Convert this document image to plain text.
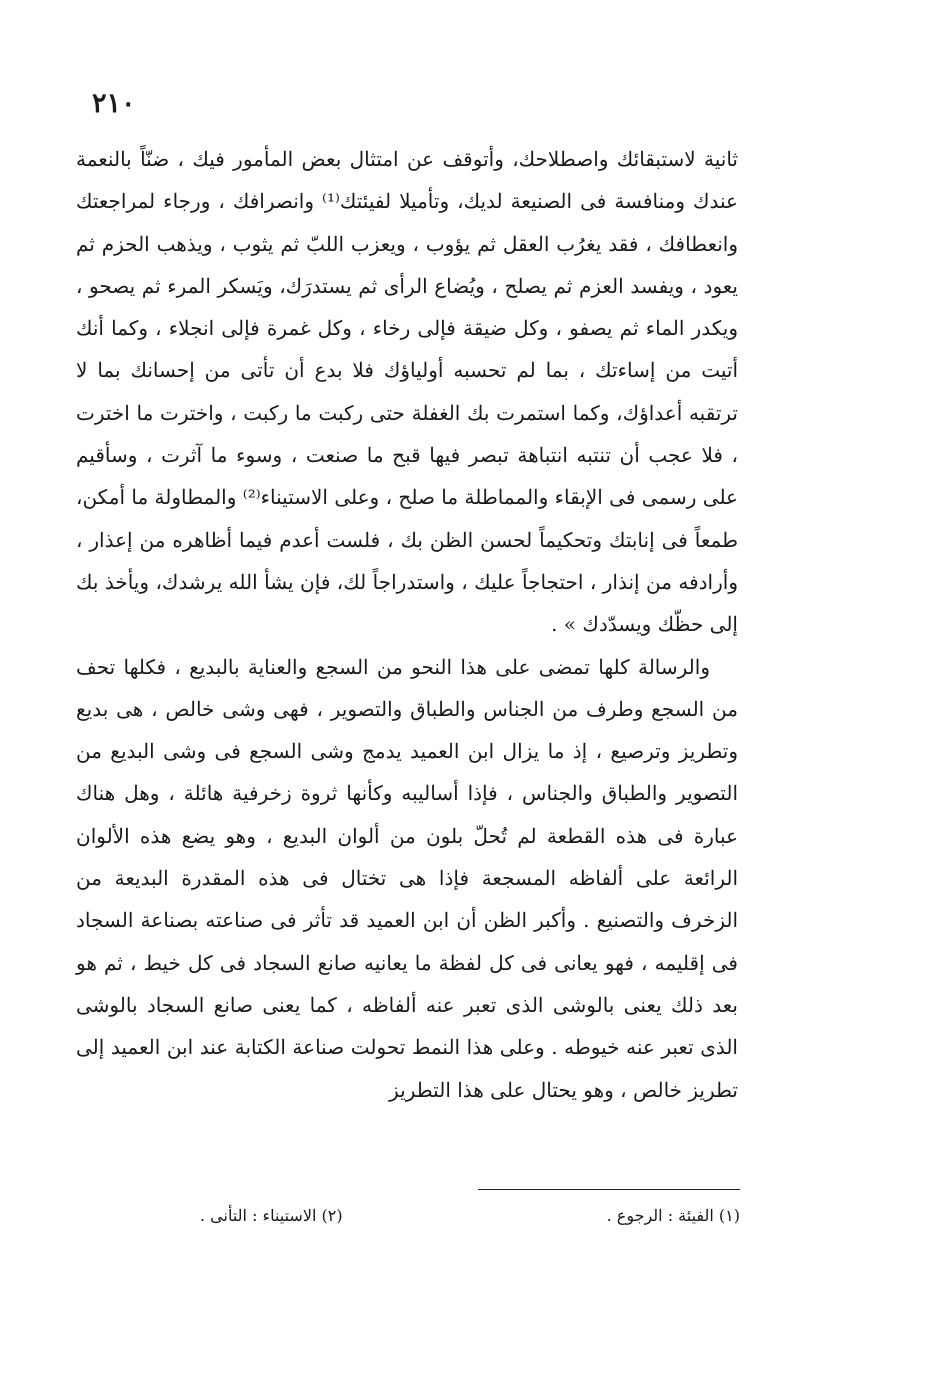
٢١٠

ثانية لاستبقائك واصطلاحك، وأتوقف عن امتثال بعض المأمور فيك ، ضنّاً بالنعمة عندك ومنافسة فى الصنيعة لديك، وتأميلا لفيئتك⁽¹⁾ وانصرافك ، ورجاء لمراجعتك وانعطافك ، فقد يغرُب العقل ثم يؤوب ، ويعزب اللبّ ثم يثوب ، ويذهب الحزم ثم يعود ، ويفسد العزم ثم يصلح ، ويُضاع الرأى ثم يستدرَك، ويَسكر المرء ثم يصحو ، ويكدر الماء ثم يصفو ، وكل ضيقة فإلى رخاء ، وكل غمرة فإلى انجلاء ، وكما أنك أتيت من إساءتك ، بما لم تحسبه أولياؤك فلا بدع أن تأتى من إحسانك بما لا ترتقبه أعداؤك، وكما استمرت بك الغفلة حتى ركبت ما ركبت ، واخترت ما اخترت ، فلا عجب أن تنتبه انتباهة تبصر فيها قبح ما صنعت ، وسوء ما آثرت ، وسأقيم على رسمى فى الإبقاء والمماطلة ما صلح ، وعلى الاستيناء⁽²⁾ والمطاولة ما أمكن، طمعاً فى إنابتك وتحكيماً لحسن الظن بك ، فلست أعدم فيما أظاهره من إعذار ، وأرادفه من إنذار ، احتجاجاً عليك ، واستدراجاً لك، فإن يشأ الله يرشدك، ويأخذ بك إلى حظّك ويسدّدك » .

والرسالة كلها تمضى على هذا النحو من السجع والعناية بالبديع ، فكلها تحف من السجع وطرف من الجناس والطباق والتصوير ، فهى وشى خالص ، هى بديع وتطريز وترصيع ، إذ ما يزال ابن العميد يدمج وشى السجع فى وشى البديع من التصوير والطباق والجناس ، فإذا أساليبه وكأنها ثروة زخرفية هائلة ، وهل هناك عبارة فى هذه القطعة لم تُحلّ بلون من ألوان البديع ، وهو يضع هذه الألوان الرائعة على ألفاظه المسجعة فإذا هى تختال فى هذه المقدرة البديعة من الزخرف والتصنيع . وأكبر الظن أن ابن العميد قد تأثر فى صناعته بصناعة السجاد فى إقليمه ، فهو يعانى فى كل لفظة ما يعانيه صانع السجاد فى كل خيط ، ثم هو بعد ذلك يعنى بالوشى الذى تعبر عنه ألفاظه ، كما يعنى صانع السجاد بالوشى الذى تعبر عنه خيوطه . وعلى هذا النمط تحولت صناعة الكتابة عند ابن العميد إلى تطريز خالص ، وهو يحتال على هذا التطريز

(١) الفيئة : الرجوع .
(٢) الاستيناء : التأنى .
